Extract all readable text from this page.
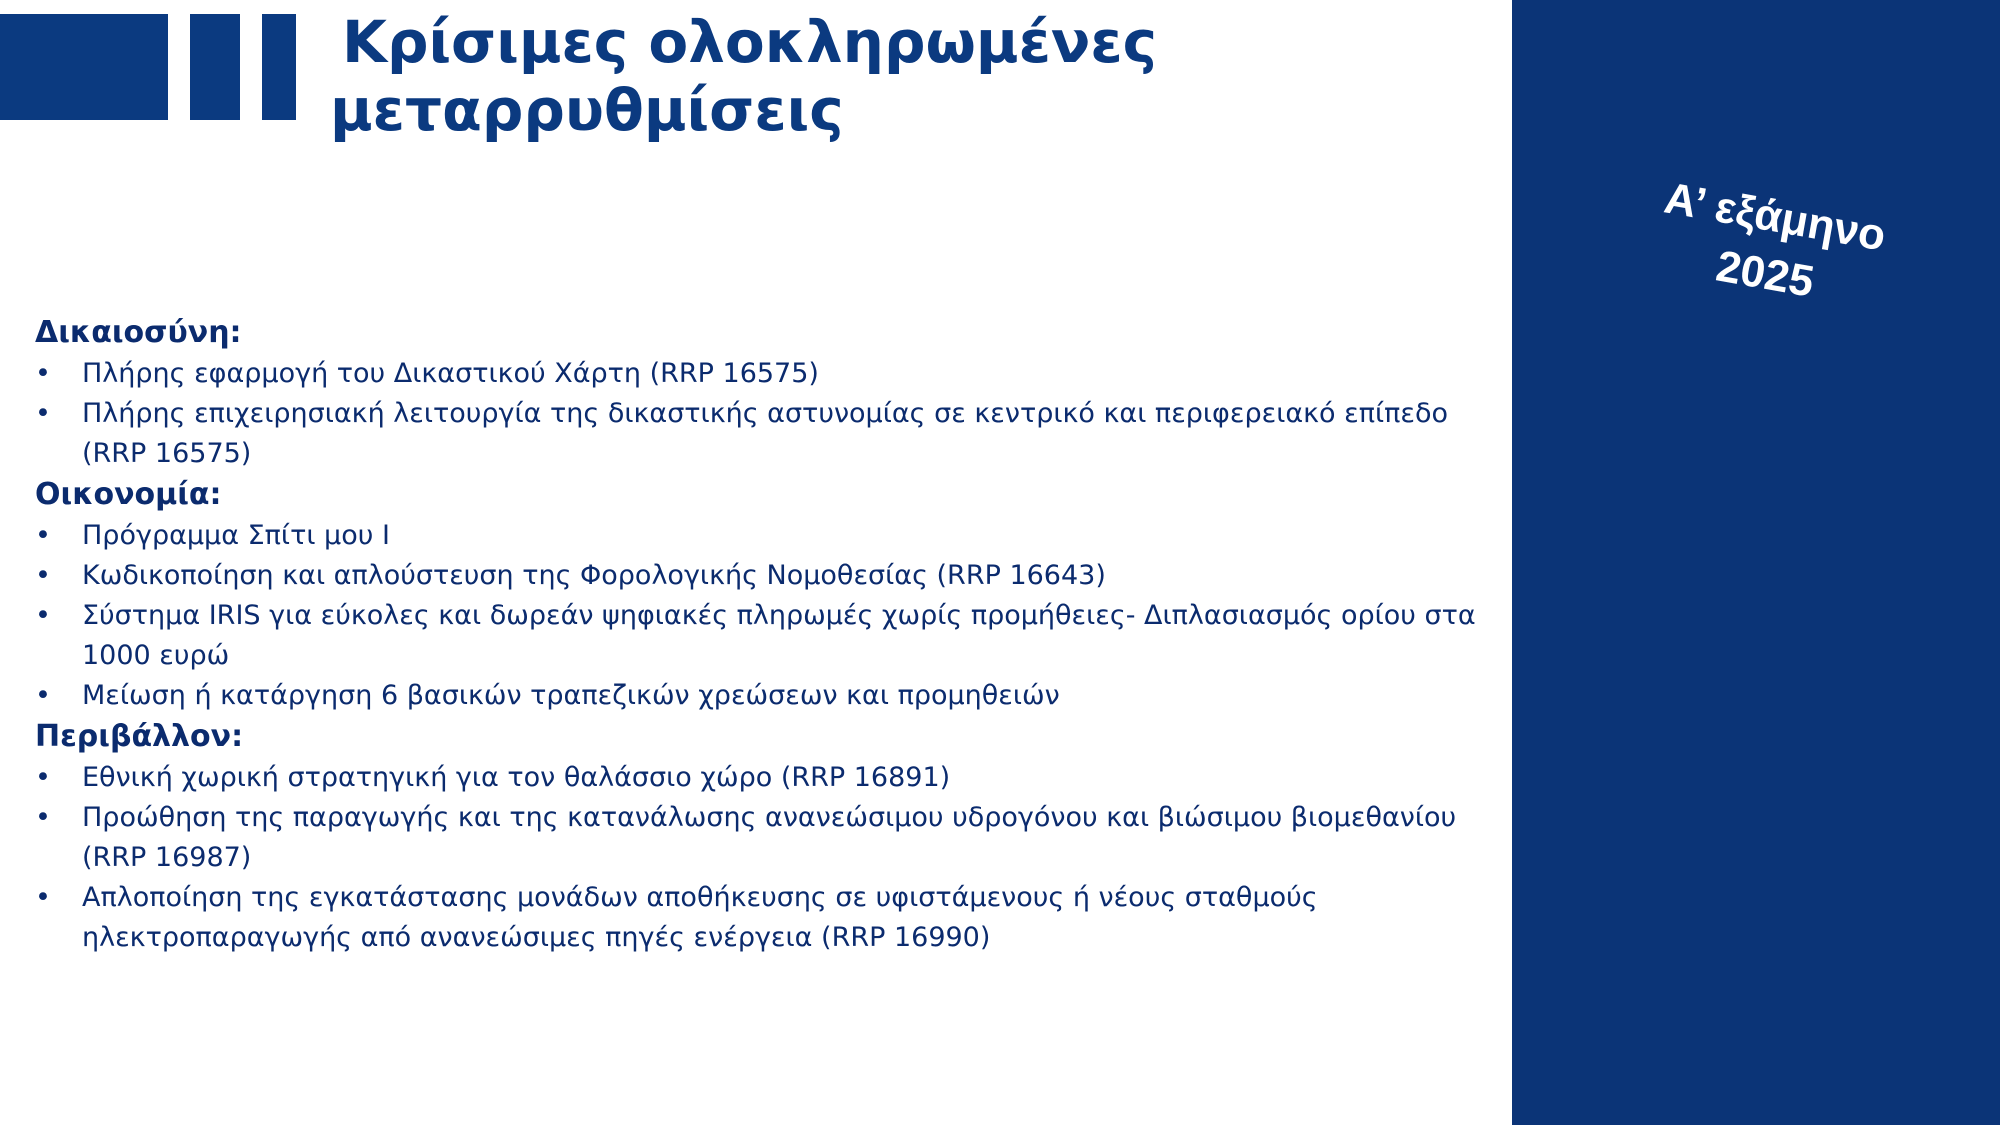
Κρίσιμες ολοκληρωμένες
μεταρρυθμίσεις
Α’ εξάμηνο
2025
Δικαιοσύνη:
• Πλήρης εφαρμογή του Δικαστικού Χάρτη (RRP 16575)
• Πλήρης επιχειρησιακή λειτουργία της δικαστικής αστυνομίας σε κεντρικό και περιφερειακό επίπεδο (RRP 16575)
Οικονομία:
• Πρόγραμμα Σπίτι μου Ι
• Κωδικοποίηση και απλούστευση της Φορολογικής Νομοθεσίας (RRP 16643)
• Σύστημα IRIS για εύκολες και δωρεάν ψηφιακές πληρωμές χωρίς προμήθειες- Διπλασιασμός ορίου στα 1000 ευρώ
• Μείωση ή κατάργηση 6 βασικών τραπεζικών χρεώσεων και προμηθειών
Περιβάλλον:
• Εθνική χωρική στρατηγική για τον θαλάσσιο χώρο (RRP 16891)
• Προώθηση της παραγωγής και της κατανάλωσης ανανεώσιμου υδρογόνου και βιώσιμου βιομεθανίου (RRP 16987)
• Απλοποίηση της εγκατάστασης μονάδων αποθήκευσης σε υφιστάμενους ή νέους σταθμούς ηλεκτροπαραγωγής από ανανεώσιμες πηγές ενέργεια (RRP 16990)
